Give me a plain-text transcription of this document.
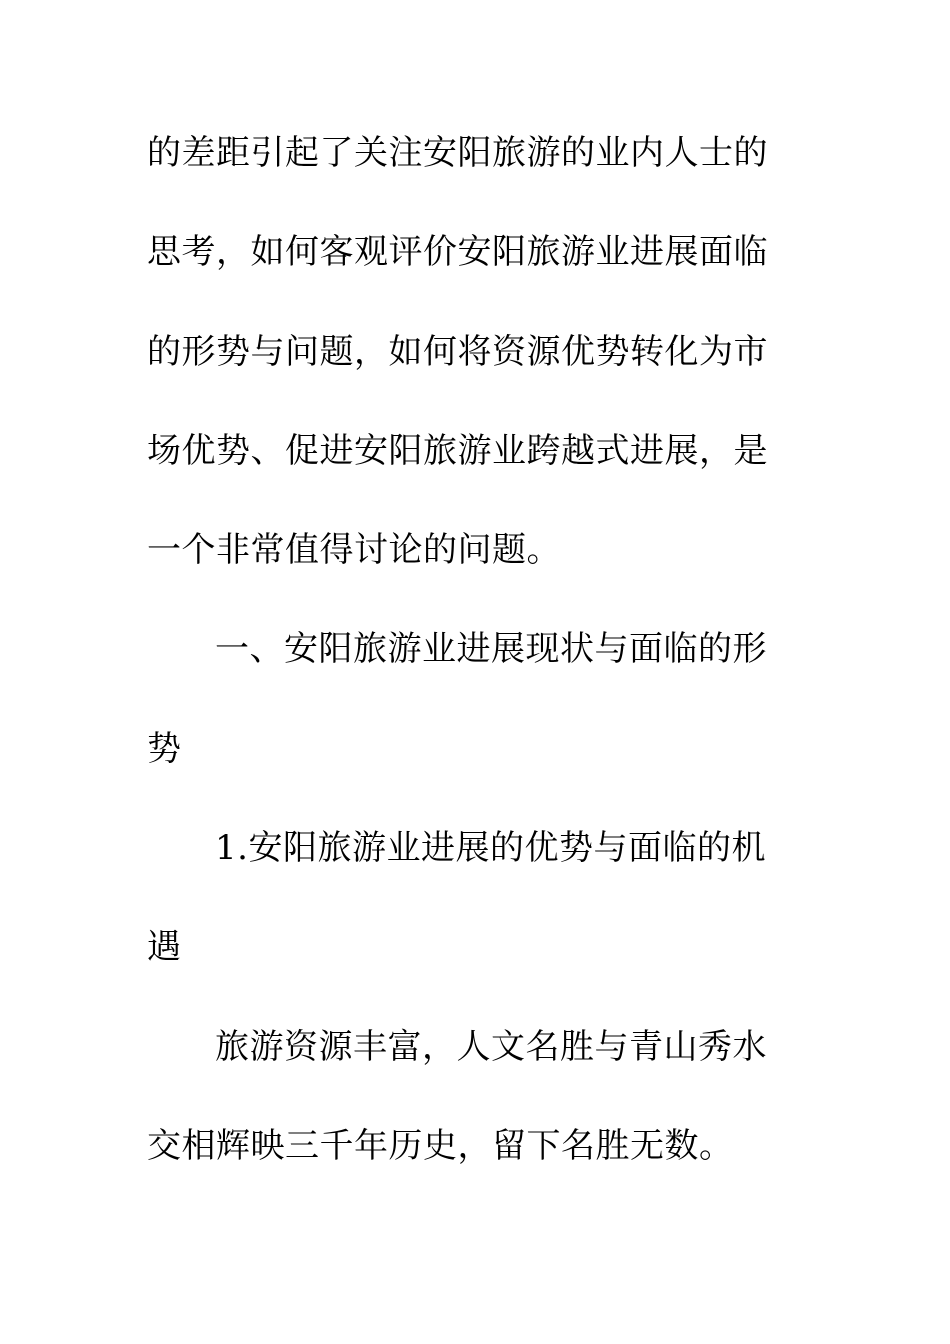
的差距引起了关注安阳旅游的业内人士的
思考，如何客观评价安阳旅游业进展面临
的形势与问题，如何将资源优势转化为市
场优势、促进安阳旅游业跨越式进展，是
一个非常值得讨论的问题。
一、安阳旅游业进展现状与面临的形
势
1.安阳旅游业进展的优势与面临的机
遇
旅游资源丰富，人文名胜与青山秀水
交相辉映三千年历史，留下名胜无数。
